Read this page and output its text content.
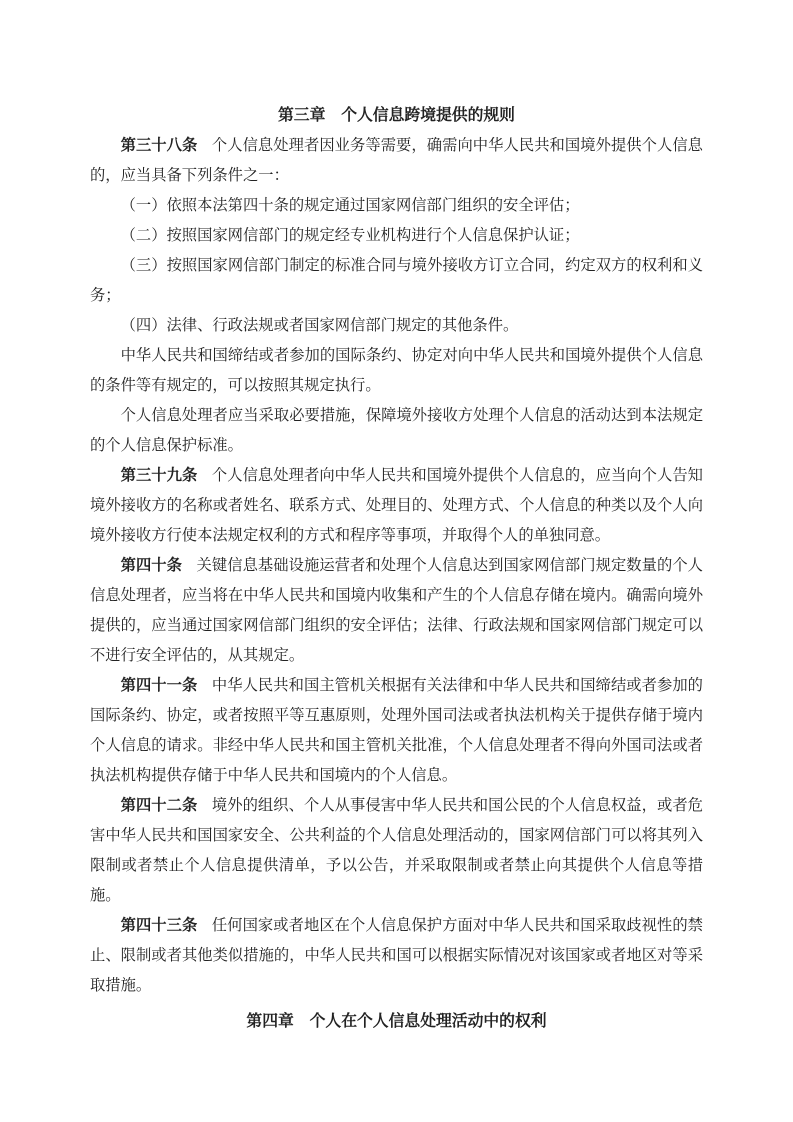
第三章 个人信息跨境提供的规则

第三十八条 个人信息处理者因业务等需要，确需向中华人民共和国境外提供个人信息的，应当具备下列条件之一：

（一）依照本法第四十条的规定通过国家网信部门组织的安全评估；

（二）按照国家网信部门的规定经专业机构进行个人信息保护认证；

（三）按照国家网信部门制定的标准合同与境外接收方订立合同，约定双方的权利和义务；

（四）法律、行政法规或者国家网信部门规定的其他条件。

中华人民共和国缔结或者参加的国际条约、协定对向中华人民共和国境外提供个人信息的条件等有规定的，可以按照其规定执行。

个人信息处理者应当采取必要措施，保障境外接收方处理个人信息的活动达到本法规定的个人信息保护标准。

第三十九条 个人信息处理者向中华人民共和国境外提供个人信息的，应当向个人告知境外接收方的名称或者姓名、联系方式、处理目的、处理方式、个人信息的种类以及个人向境外接收方行使本法规定权利的方式和程序等事项，并取得个人的单独同意。

第四十条 关键信息基础设施运营者和处理个人信息达到国家网信部门规定数量的个人信息处理者，应当将在中华人民共和国境内收集和产生的个人信息存储在境内。确需向境外提供的，应当通过国家网信部门组织的安全评估；法律、行政法规和国家网信部门规定可以不进行安全评估的，从其规定。

第四十一条 中华人民共和国主管机关根据有关法律和中华人民共和国缔结或者参加的国际条约、协定，或者按照平等互惠原则，处理外国司法或者执法机构关于提供存储于境内个人信息的请求。非经中华人民共和国主管机关批准，个人信息处理者不得向外国司法或者执法机构提供存储于中华人民共和国境内的个人信息。

第四十二条 境外的组织、个人从事侵害中华人民共和国公民的个人信息权益，或者危害中华人民共和国国家安全、公共利益的个人信息处理活动的，国家网信部门可以将其列入限制或者禁止个人信息提供清单，予以公告，并采取限制或者禁止向其提供个人信息等措施。

第四十三条 任何国家或者地区在个人信息保护方面对中华人民共和国采取歧视性的禁止、限制或者其他类似措施的，中华人民共和国可以根据实际情况对该国家或者地区对等采取措施。

第四章 个人在个人信息处理活动中的权利
